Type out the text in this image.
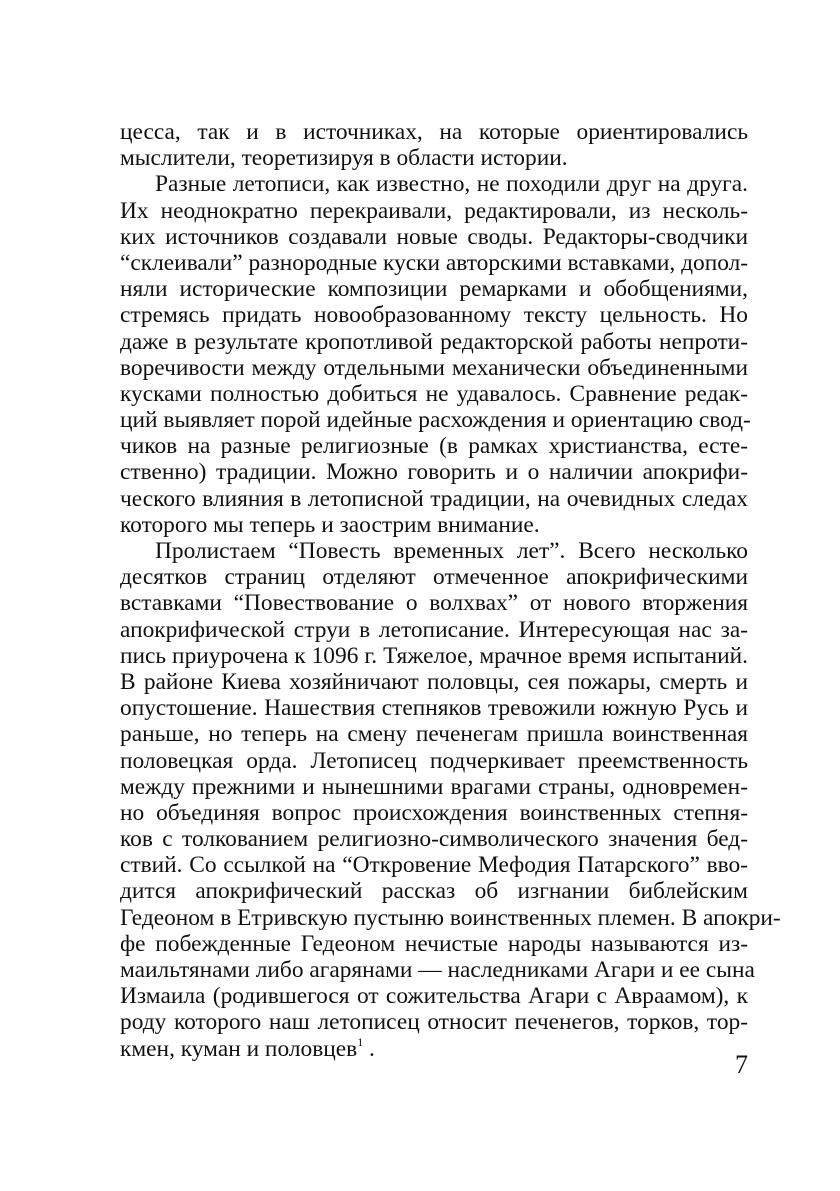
цесса, так и в источниках, на которые ориентировались
мыслители, теоретизируя в области истории.
Разные летописи, как известно, не походили друг на друга.
Их неоднократно перекраивали, редактировали, из несколь-
ких источников создавали новые своды. Редакторы-сводчики
“склеивали” разнородные куски авторскими вставками, допол-
няли исторические композиции ремарками и обобщениями,
стремясь придать новообразованному тексту цельность. Но
даже в результате кропотливой редакторской работы непроти-
воречивости между отдельными механически объединенными
кусками полностью добиться не удавалось. Сравнение редак-
ций выявляет порой идейные расхождения и ориентацию свод-
чиков на разные религиозные (в рамках христианства, есте-
ственно) традиции. Можно говорить и о наличии апокрифи-
ческого влияния в летописной традиции, на очевидных следах
которого мы теперь и заострим внимание.
Пролистаем “Повесть временных лет”. Всего несколько
десятков страниц отделяют отмеченное апокрифическими
вставками “Повествование о волхвах” от нового вторжения
апокрифической струи в летописание. Интересующая нас за-
пись приурочена к 1096 г. Тяжелое, мрачное время испытаний.
В районе Киева хозяйничают половцы, сея пожары, смерть и
опустошение. Нашествия степняков тревожили южную Русь и
раньше, но теперь на смену печенегам пришла воинственная
половецкая орда. Летописец подчеркивает преемственность
между прежними и нынешними врагами страны, одновремен-
но объединяя вопрос происхождения воинственных степня-
ков с толкованием религиозно-символического значения бед-
ствий. Со ссылкой на “Откровение Мефодия Патарского” вво-
дится апокрифический рассказ об изгнании библейским
Гедеоном в Етривскую пустыню воинственных племен. В апокри-
фе побежденные Гедеоном нечистые народы называются из-
маильтянами либо агарянами — наследниками Агари и ее сына
Измаила (родившегося от сожительства Агари с Авраамом), к
роду которого наш летописец относит печенегов, торков, тор-
кмен, куман и половцев$^1$ .
7
